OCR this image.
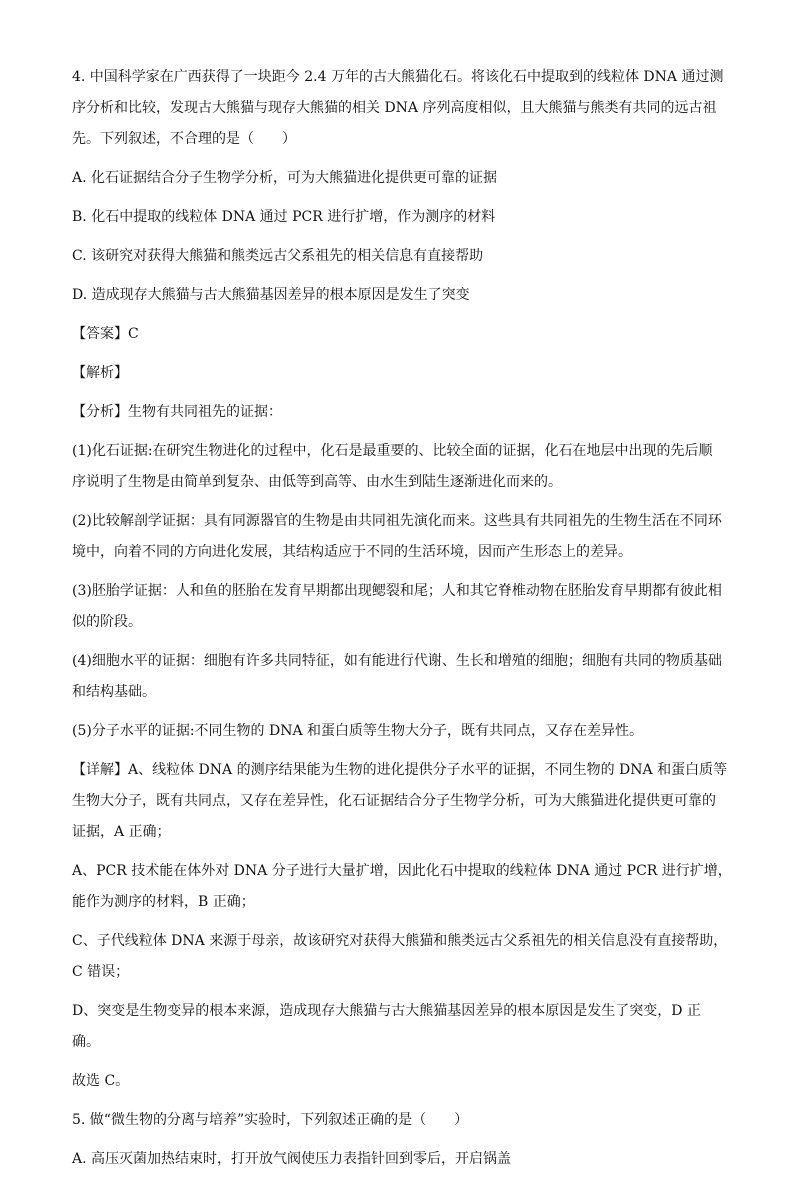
4. 中国科学家在广西获得了一块距今 2.4 万年的古大熊猫化石。将该化石中提取到的线粒体 DNA 通过测
序分析和比较，发现古大熊猫与现存大熊猫的相关 DNA 序列高度相似，且大熊猫与熊类有共同的远古祖
先。下列叙述，不合理的是（　　）

A. 化石证据结合分子生物学分析，可为大熊猫进化提供更可靠的证据

B. 化石中提取的线粒体 DNA 通过 PCR 进行扩增，作为测序的材料

C. 该研究对获得大熊猫和熊类远古父系祖先的相关信息有直接帮助

D. 造成现存大熊猫与古大熊猫基因差异的根本原因是发生了突变

【答案】C

【解析】

【分析】生物有共同祖先的证据：

(1)化石证据:在研究生物进化的过程中，化石是最重要的、比较全面的证据，化石在地层中出现的先后顺
序说明了生物是由简单到复杂、由低等到高等、由水生到陆生逐渐进化而来的。
(2)比较解剖学证据：具有同源器官的生物是由共同祖先演化而来。这些具有共同祖先的生物生活在不同环
境中，向着不同的方向进化发展，其结构适应于不同的生活环境，因而产生形态上的差异。
(3)胚胎学证据：人和鱼的胚胎在发育早期都出现鳃裂和尾；人和其它脊椎动物在胚胎发育早期都有彼此相
似的阶段。
(4)细胞水平的证据：细胞有许多共同特征，如有能进行代谢、生长和增殖的细胞；细胞有共同的物质基础
和结构基础。

(5)分子水平的证据:不同生物的 DNA 和蛋白质等生物大分子，既有共同点，又存在差异性。

【详解】A、线粒体 DNA 的测序结果能为生物的进化提供分子水平的证据，不同生物的 DNA 和蛋白质等
生物大分子，既有共同点，又存在差异性，化石证据结合分子生物学分析，可为大熊猫进化提供更可靠的
证据，A 正确；
A、PCR 技术能在体外对 DNA 分子进行大量扩增，因此化石中提取的线粒体 DNA 通过 PCR 进行扩增，
能作为测序的材料，B 正确；
C、子代线粒体 DNA 来源于母亲，故该研究对获得大熊猫和熊类远古父系祖先的相关信息没有直接帮助，
C 错误；
D、突变是生物变异的根本来源，造成现存大熊猫与古大熊猫基因差异的根本原因是发生了突变，D 正
确。

故选 C。

5. 做“微生物的分离与培养”实验时，下列叙述正确的是（　　）

A. 高压灭菌加热结束时，打开放气阀使压力表指针回到零后，开启锅盖
